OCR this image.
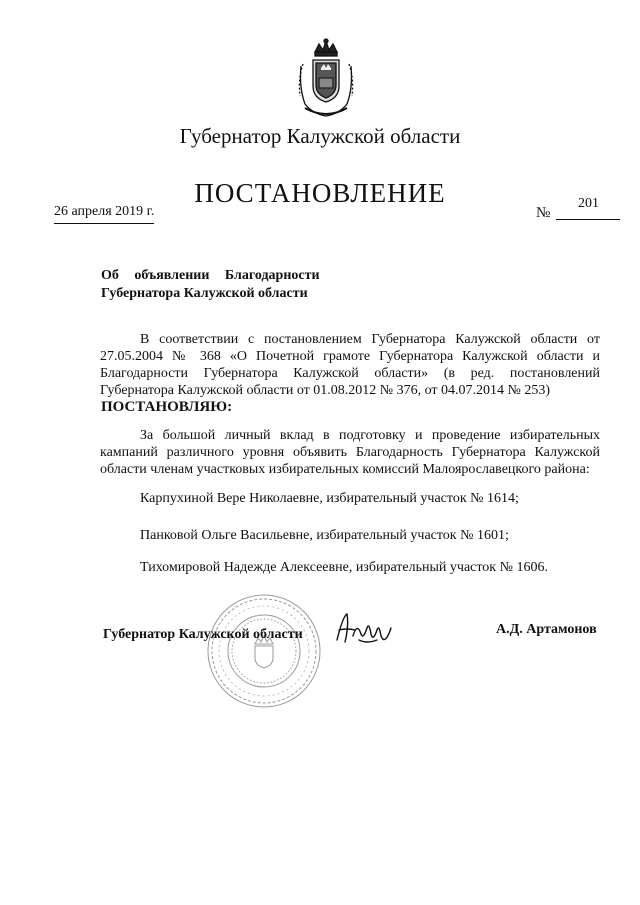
Губернатор Калужской области
ПОСТАНОВЛЕНИЕ
26 апреля 2019 г.	№
201
Об объявлении Благодарности
Губернатора Калужской области
В соответствии с постановлением Губернатора Калужской области от 27.05.2004 № 368 «О Почетной грамоте Губернатора Калужской области и Благодарности Губернатора Калужской области» (в ред. постановлений Губернатора Калужской области от 01.08.2012 № 376, от 04.07.2014 № 253)
ПОСТАНОВЛЯЮ:
За большой личный вклад в подготовку и проведение избирательных кампаний различного уровня объявить Благодарность Губернатора Калужской области членам участковых избирательных комиссий Малоярославецкого района:
Карпухиной Вере Николаевне, избирательный участок № 1614;
Панковой Ольге Васильевне, избирательный участок № 1601;
Тихомировой Надежде Алексеевне, избирательный участок № 1606.
Губернатор Калужской области	А.Д. Артамонов
